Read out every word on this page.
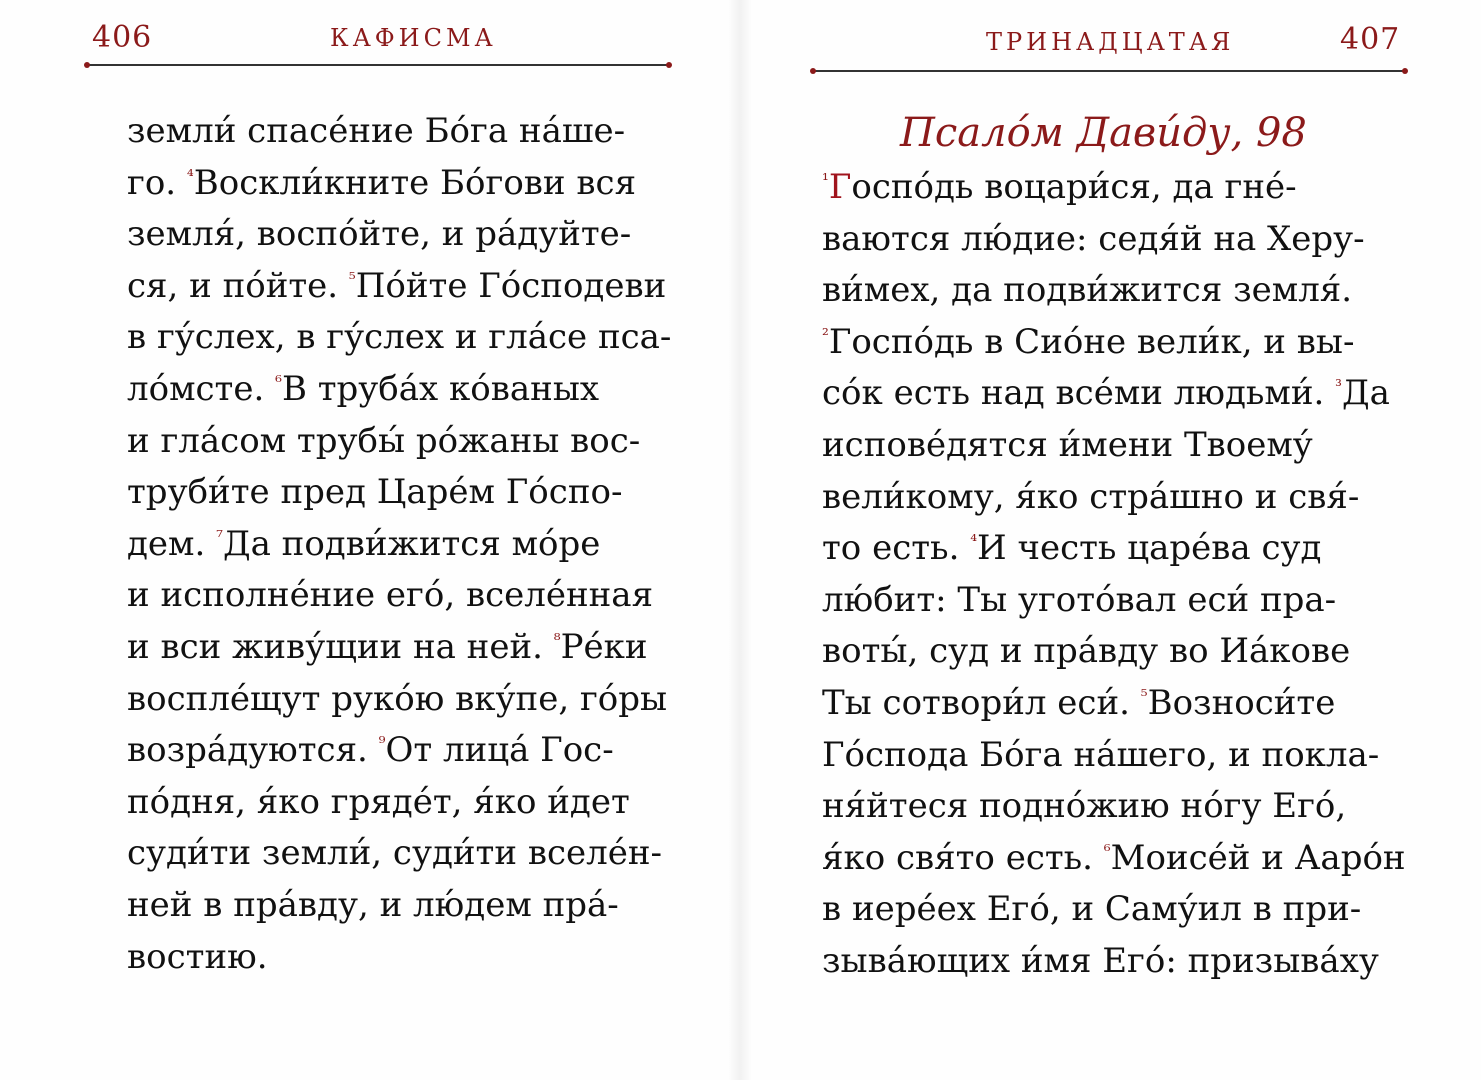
406	КАФИСМА
земли́ спасе́ние Бо́га на́ше-
го. $^{^4}$Воскли́кните Бо́гови вся
земля́, воспо́йте, и ра́дуйте-
ся, и по́йте. $^{^5}$По́йте Го́сподеви
в гу́слех, в гу́слех и гла́се пса-
ло́мсте. $^{^6}$В труба́х ко́ваных
и гла́сом трубы́ ро́жаны вос-
труби́те пред Царе́м Го́спо-
дем. $^{^7}$Да подви́жится мо́ре
и исполне́ние его́, вселе́нная
и вси живу́щии на ней. $^{^8}$Ре́ки
воспле́щут руко́ю вку́пе, го́ры
возра́дуются. $^{^9}$От лица́ Гос-
по́дня, я́ко гряде́т, я́ко и́дет
суди́ти земли́, суди́ти вселе́н-
ней в пра́вду, и лю́дем пра́-
востию.
ТРИНАДЦАТАЯ	407
Псало́м Дави́ду, 98
$^{^1}$Госпо́дь воцари́ся, да гне́-
ваются лю́дие: седя́й на Херу-
ви́мех, да подви́жится земля́.
$^{^2}$Госпо́дь в Сио́не вели́к, и вы-
со́к есть над все́ми людьми́. $^{^3}$Да
испове́дятся и́мени Твоему́
вели́кому, я́ко стра́шно и свя́-
то есть. $^{^4}$И честь царе́ва суд
лю́бит: Ты угото́вал еси́ пра-
воты́, суд и пра́вду во Иа́кове
Ты сотвори́л еси́. $^{^5}$Возноси́те
Го́спода Бо́га на́шего, и покла-
ня́йтеся подно́жию но́гу Его́,
я́ко свя́то есть. $^{^6}$Моисе́й и Ааро́н
в иере́ех Его́, и Саму́ил в при-
зыва́ющих и́мя Его́: призыва́ху
